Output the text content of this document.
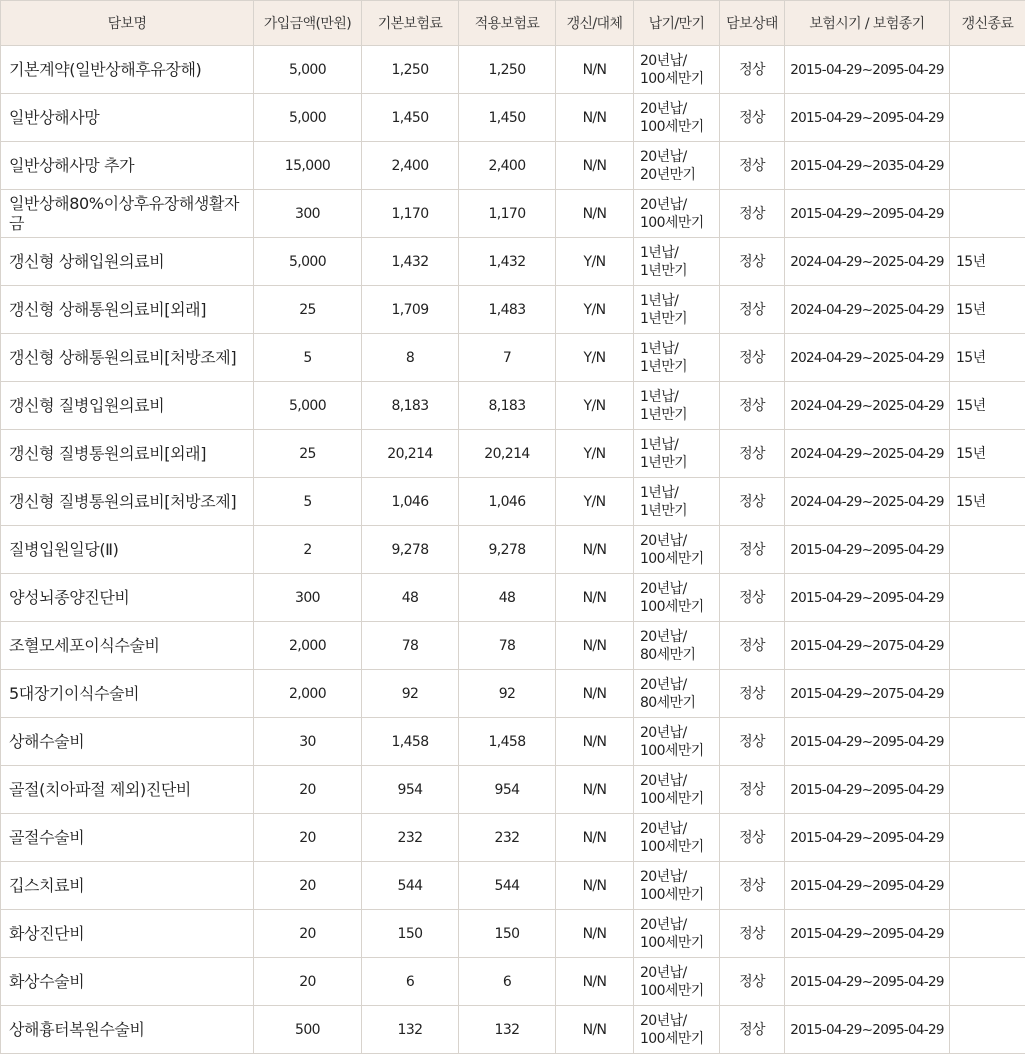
담보명	가입금액(만원)	기본보험료	적용보험료	갱신/대체	납기/만기	담보상태	보험시기 / 보험종기	갱신종료
기본계약(일반상해후유장해)	5,000	1,250	1,250	N/N	20년납/
100세만기	정상	2015-04-29~2095-04-29	
일반상해사망	5,000	1,450	1,450	N/N	20년납/
100세만기	정상	2015-04-29~2095-04-29	
일반상해사망 추가	15,000	2,400	2,400	N/N	20년납/
20년만기	정상	2015-04-29~2035-04-29	
일반상해80%이상후유장해생활자금	300	1,170	1,170	N/N	20년납/
100세만기	정상	2015-04-29~2095-04-29	
갱신형 상해입원의료비	5,000	1,432	1,432	Y/N	1년납/
1년만기	정상	2024-04-29~2025-04-29	15년
갱신형 상해통원의료비[외래]	25	1,709	1,483	Y/N	1년납/
1년만기	정상	2024-04-29~2025-04-29	15년
갱신형 상해통원의료비[처방조제]	5	8	7	Y/N	1년납/
1년만기	정상	2024-04-29~2025-04-29	15년
갱신형 질병입원의료비	5,000	8,183	8,183	Y/N	1년납/
1년만기	정상	2024-04-29~2025-04-29	15년
갱신형 질병통원의료비[외래]	25	20,214	20,214	Y/N	1년납/
1년만기	정상	2024-04-29~2025-04-29	15년
갱신형 질병통원의료비[처방조제]	5	1,046	1,046	Y/N	1년납/
1년만기	정상	2024-04-29~2025-04-29	15년
질병입원일당(Ⅱ)	2	9,278	9,278	N/N	20년납/
100세만기	정상	2015-04-29~2095-04-29	
양성뇌종양진단비	300	48	48	N/N	20년납/
100세만기	정상	2015-04-29~2095-04-29	
조혈모세포이식수술비	2,000	78	78	N/N	20년납/
80세만기	정상	2015-04-29~2075-04-29	
5대장기이식수술비	2,000	92	92	N/N	20년납/
80세만기	정상	2015-04-29~2075-04-29	
상해수술비	30	1,458	1,458	N/N	20년납/
100세만기	정상	2015-04-29~2095-04-29	
골절(치아파절 제외)진단비	20	954	954	N/N	20년납/
100세만기	정상	2015-04-29~2095-04-29	
골절수술비	20	232	232	N/N	20년납/
100세만기	정상	2015-04-29~2095-04-29	
깁스치료비	20	544	544	N/N	20년납/
100세만기	정상	2015-04-29~2095-04-29	
화상진단비	20	150	150	N/N	20년납/
100세만기	정상	2015-04-29~2095-04-29	
화상수술비	20	6	6	N/N	20년납/
100세만기	정상	2015-04-29~2095-04-29	
상해흉터복원수술비	500	132	132	N/N	20년납/
100세만기	정상	2015-04-29~2095-04-29	
